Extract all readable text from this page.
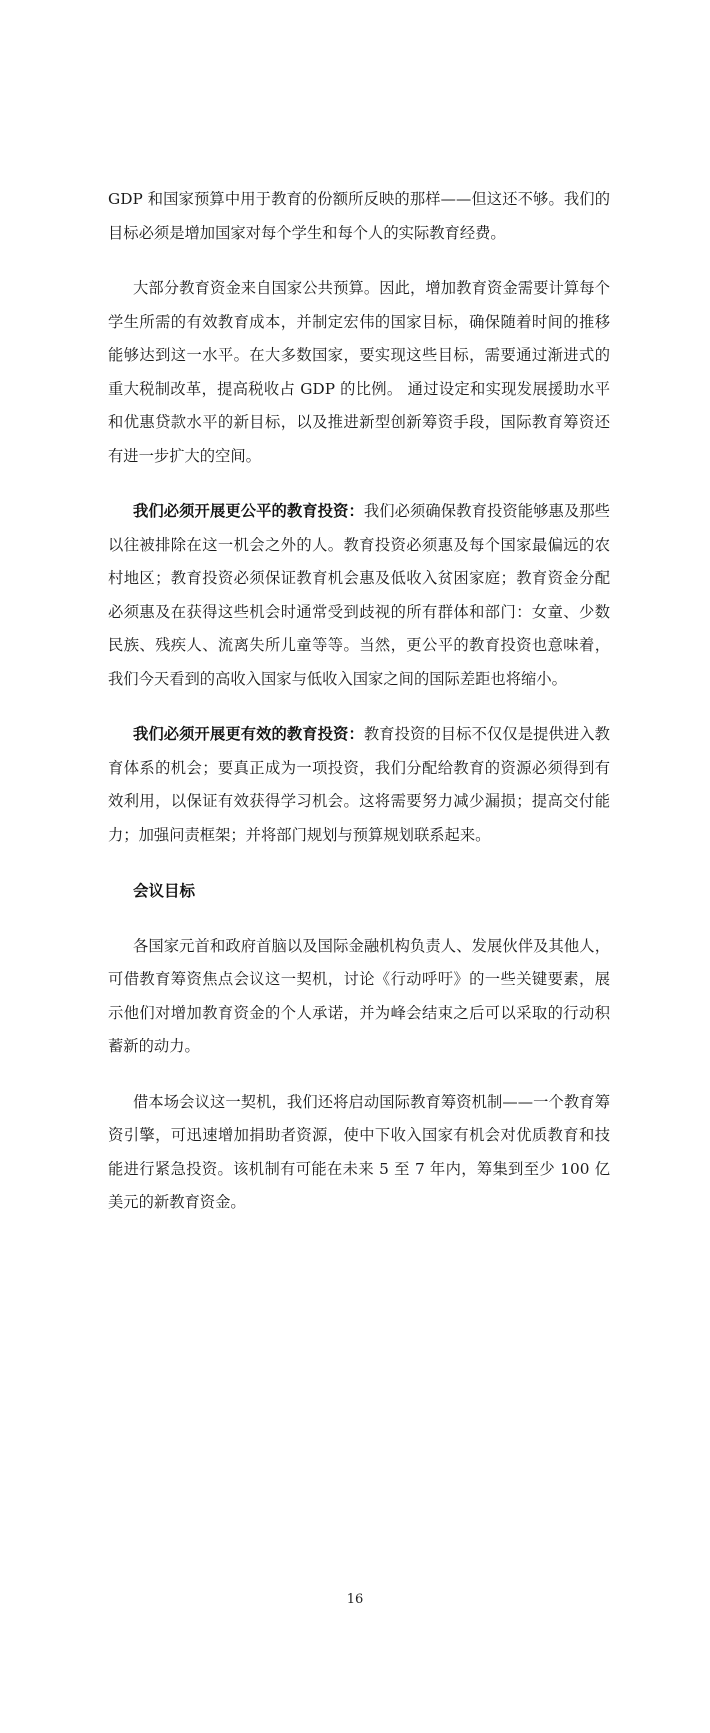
GDP 和国家预算中用于教育的份额所反映的那样——但这还不够。我们的目标必须是增加国家对每个学生和每个人的实际教育经费。

大部分教育资金来自国家公共预算。因此，增加教育资金需要计算每个学生所需的有效教育成本，并制定宏伟的国家目标，确保随着时间的推移能够达到这一水平。在大多数国家，要实现这些目标，需要通过渐进式的重大税制改革，提高税收占 GDP 的比例。 通过设定和实现发展援助水平和优惠贷款水平的新目标，以及推进新型创新筹资手段，国际教育筹资还有进一步扩大的空间。

我们必须开展更公平的教育投资：我们必须确保教育投资能够惠及那些以往被排除在这一机会之外的人。教育投资必须惠及每个国家最偏远的农村地区；教育投资必须保证教育机会惠及低收入贫困家庭；教育资金分配必须惠及在获得这些机会时通常受到歧视的所有群体和部门：女童、少数民族、残疾人、流离失所儿童等等。当然，更公平的教育投资也意味着，我们今天看到的高收入国家与低收入国家之间的国际差距也将缩小。

我们必须开展更有效的教育投资：教育投资的目标不仅仅是提供进入教育体系的机会；要真正成为一项投资，我们分配给教育的资源必须得到有效利用，以保证有效获得学习机会。这将需要努力减少漏损；提高交付能力；加强问责框架；并将部门规划与预算规划联系起来。

会议目标

各国家元首和政府首脑以及国际金融机构负责人、发展伙伴及其他人，可借教育筹资焦点会议这一契机，讨论《行动呼吁》的一些关键要素，展示他们对增加教育资金的个人承诺，并为峰会结束之后可以采取的行动积蓄新的动力。

借本场会议这一契机，我们还将启动国际教育筹资机制——一个教育筹资引擎，可迅速增加捐助者资源，使中下收入国家有机会对优质教育和技能进行紧急投资。该机制有可能在未来 5 至 7 年内，筹集到至少 100 亿美元的新教育资金。

16
